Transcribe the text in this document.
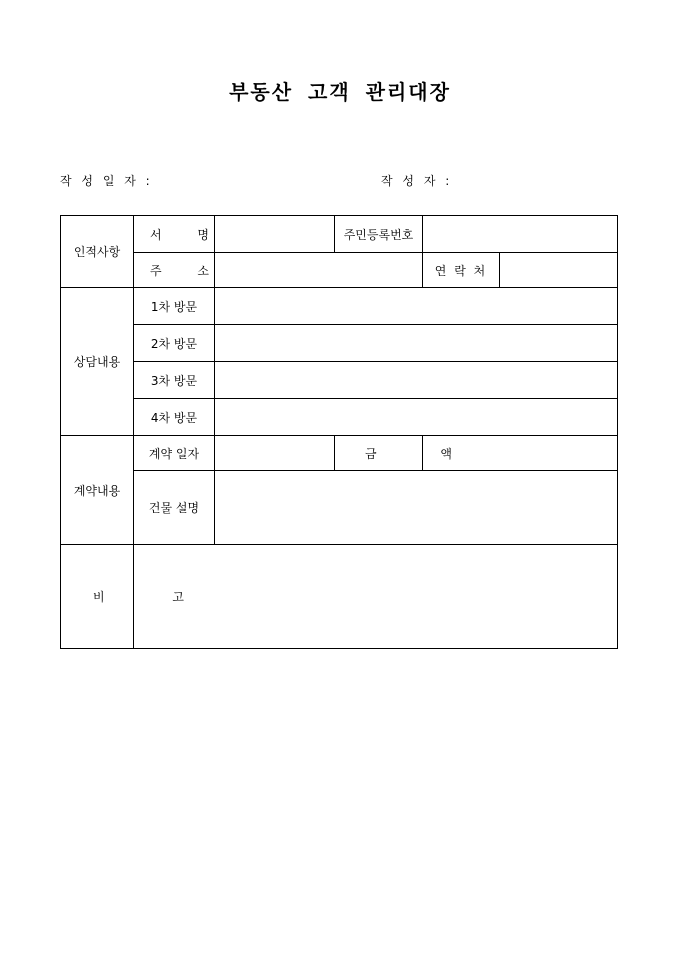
부동산 고객 관리대장
작 성 일 자 :	작 성 자 :
인적사항	서 명		주민등록번호		
	주 소			연 락 처	
상담내용	1차 방문				
	2차 방문				
	3차 방문				
	4차 방문				
계약내용	계약 일자		금 액		
	건물 설명				
비 고					
